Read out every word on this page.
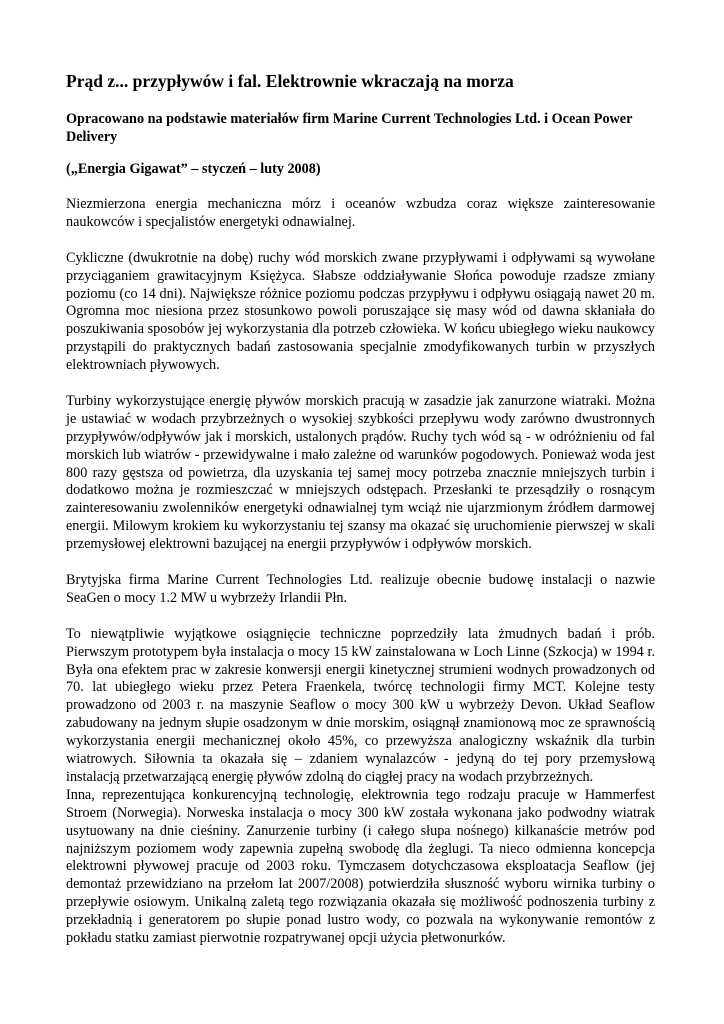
Prąd z... przypływów i fal. Elektrownie wkraczają na morza
Opracowano na podstawie materiałów firm Marine Current Technologies Ltd. i Ocean Power Delivery
(„Energia Gigawat” – styczeń – luty 2008)

Niezmierzona energia mechaniczna mórz i oceanów wzbudza coraz większe zainteresowanie naukowców i specjalistów energetyki odnawialnej.

Cykliczne (dwukrotnie na dobę) ruchy wód morskich zwane przypływami i odpływami są wywołane przyciąganiem grawitacyjnym Księżyca. Słabsze oddziaływanie Słońca powoduje rzadsze zmiany poziomu (co 14 dni). Największe różnice poziomu podczas przypływu i odpływu osiągają nawet 20 m. Ogromna moc niesiona przez stosunkowo powoli poruszające się masy wód od dawna skłaniała do poszukiwania sposobów jej wykorzystania dla potrzeb człowieka. W końcu ubiegłego wieku naukowcy przystąpili do praktycznych badań zastosowania specjalnie zmodyfikowanych turbin w przyszłych elektrowniach pływowych.

Turbiny wykorzystujące energię pływów morskich pracują w zasadzie jak zanurzone wiatraki. Można je ustawiać w wodach przybrzeżnych o wysokiej szybkości przepływu wody zarówno dwustronnych przypływów/odpływów jak i morskich, ustalonych prądów. Ruchy tych wód są - w odróżnieniu od fal morskich lub wiatrów - przewidywalne i mało zależne od warunków pogodowych. Ponieważ woda jest 800 razy gęstsza od powietrza, dla uzyskania tej samej mocy potrzeba znacznie mniejszych turbin i dodatkowo można je rozmieszczać w mniejszych odstępach. Przesłanki te przesądziły o rosnącym zainteresowaniu zwolenników energetyki odnawialnej tym wciąż nie ujarzmionym źródłem darmowej energii. Milowym krokiem ku wykorzystaniu tej szansy ma okazać się uruchomienie pierwszej w skali przemysłowej elektrowni bazującej na energii przypływów i odpływów morskich.

Brytyjska firma Marine Current Technologies Ltd. realizuje obecnie budowę instalacji o nazwie SeaGen o mocy 1.2 MW u wybrzeży Irlandii Płn.

To niewątpliwie wyjątkowe osiągnięcie techniczne poprzedziły lata żmudnych badań i prób. Pierwszym prototypem była instalacja o mocy 15 kW zainstalowana w Loch Linne (Szkocja) w 1994 r. Była ona efektem prac w zakresie konwersji energii kinetycznej strumieni wodnych prowadzonych od 70. lat ubiegłego wieku przez Petera Fraenkela, twórcę technologii firmy MCT. Kolejne testy prowadzono od 2003 r. na maszynie Seaflow o mocy 300 kW u wybrzeży Devon. Układ Seaflow zabudowany na jednym słupie osadzonym w dnie morskim, osiągnął znamionową moc ze sprawnością wykorzystania energii mechanicznej około 45%, co przewyższa analogiczny wskaźnik dla turbin wiatrowych. Siłownia ta okazała się – zdaniem wynalazców - jedyną do tej pory przemysłową instalacją przetwarzającą energię pływów zdolną do ciągłej pracy na wodach przybrzeżnych.

Inna, reprezentująca konkurencyjną technologię, elektrownia tego rodzaju pracuje w Hammerfest Stroem (Norwegia). Norweska instalacja o mocy 300 kW została wykonana jako podwodny wiatrak usytuowany na dnie cieśniny. Zanurzenie turbiny (i całego słupa nośnego) kilkanaście metrów pod najniższym poziomem wody zapewnia zupełną swobodę dla żeglugi. Ta nieco odmienna koncepcja elektrowni pływowej pracuje od 2003 roku. Tymczasem dotychczasowa eksploatacja Seaflow (jej demontaż przewidziano na przełom lat 2007/2008) potwierdziła słuszność wyboru wirnika turbiny o przepływie osiowym. Unikalną zaletą tego rozwiązania okazała się możliwość podnoszenia turbiny z przekładnią i generatorem po słupie ponad lustro wody, co pozwala na wykonywanie remontów z pokładu statku zamiast pierwotnie rozpatrywanej opcji użycia płetwonurków.
